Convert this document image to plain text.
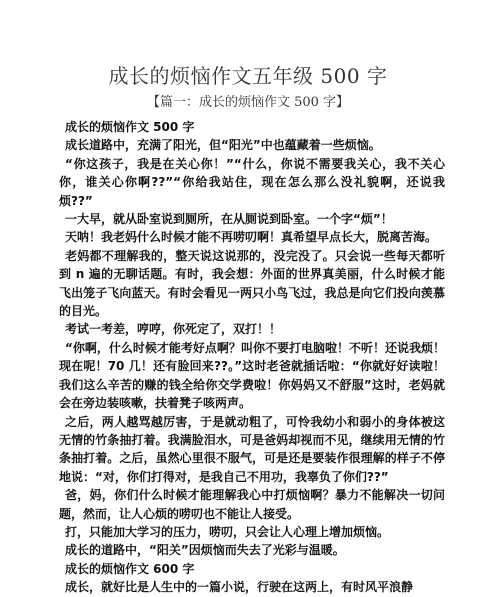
成长的烦恼作文五年级 500 字
【篇一：成长的烦恼作文 500 字】

成长的烦恼作文 500 字

成长道路中，充满了阳光，但“阳光”中也蕴藏着一些烦恼。

“你这孩子，我是在关心你！”“什么，你说不需要我关心，我不关心你，谁关心你啊??”“你给我站住，现在怎么那么没礼貌啊，还说我烦??”

一大早，就从卧室说到厕所，在从厕说到卧室。一个字“烦”！

天呐！我老妈什么时候才能不再唠叨啊！真希望早点长大，脱离苦海。

老妈都不理解我的，整天说这说那的，没完没了。只会说一些每天都听到 n 遍的无聊话题。有时，我会想：外面的世界真美丽，什么时候才能飞出笼子飞向蓝天。有时会看见一两只小鸟飞过，我总是向它们投向羡慕的目光。

考试一考差，哼哼，你死定了，双打！！

“你啊，什么时候才能考好点啊？叫你不要打电脑啦！不听！还说我烦！现在呢！70 几！还有脸回来??。”这时老爸就插话啦：“你就好好读啦！我们这么辛苦的赚的钱全给你交学费啦！你妈妈又不舒服”这时，老妈就会在旁边装咳嗽，扶着凳子咳两声。

之后，两人越骂越厉害，于是就动粗了，可怜我幼小和弱小的身体被这无情的竹条抽打着。我满脸泪水，可是爸妈却视而不见，继续用无情的竹条抽打着。之后，虽然心里很不服气，可是还是要装作很理解的样子不停地说：“对，你们打得对，是我自己不用功，我辜负了你们??”

爸，妈，你们什么时候才能理解我心中打烦恼啊？暴力不能解决一切问题，然而，让人心烦的唠叨也不能让人接受。

打，只能加大学习的压力，唠叨，只会让人心理上增加烦恼。

成长的道路中，“阳关”因烦恼而失去了光彩与温暖。

成长的烦恼作文 600 字

成长，就好比是人生中的一篇小说，行驶在这两上，有时风平浪静
